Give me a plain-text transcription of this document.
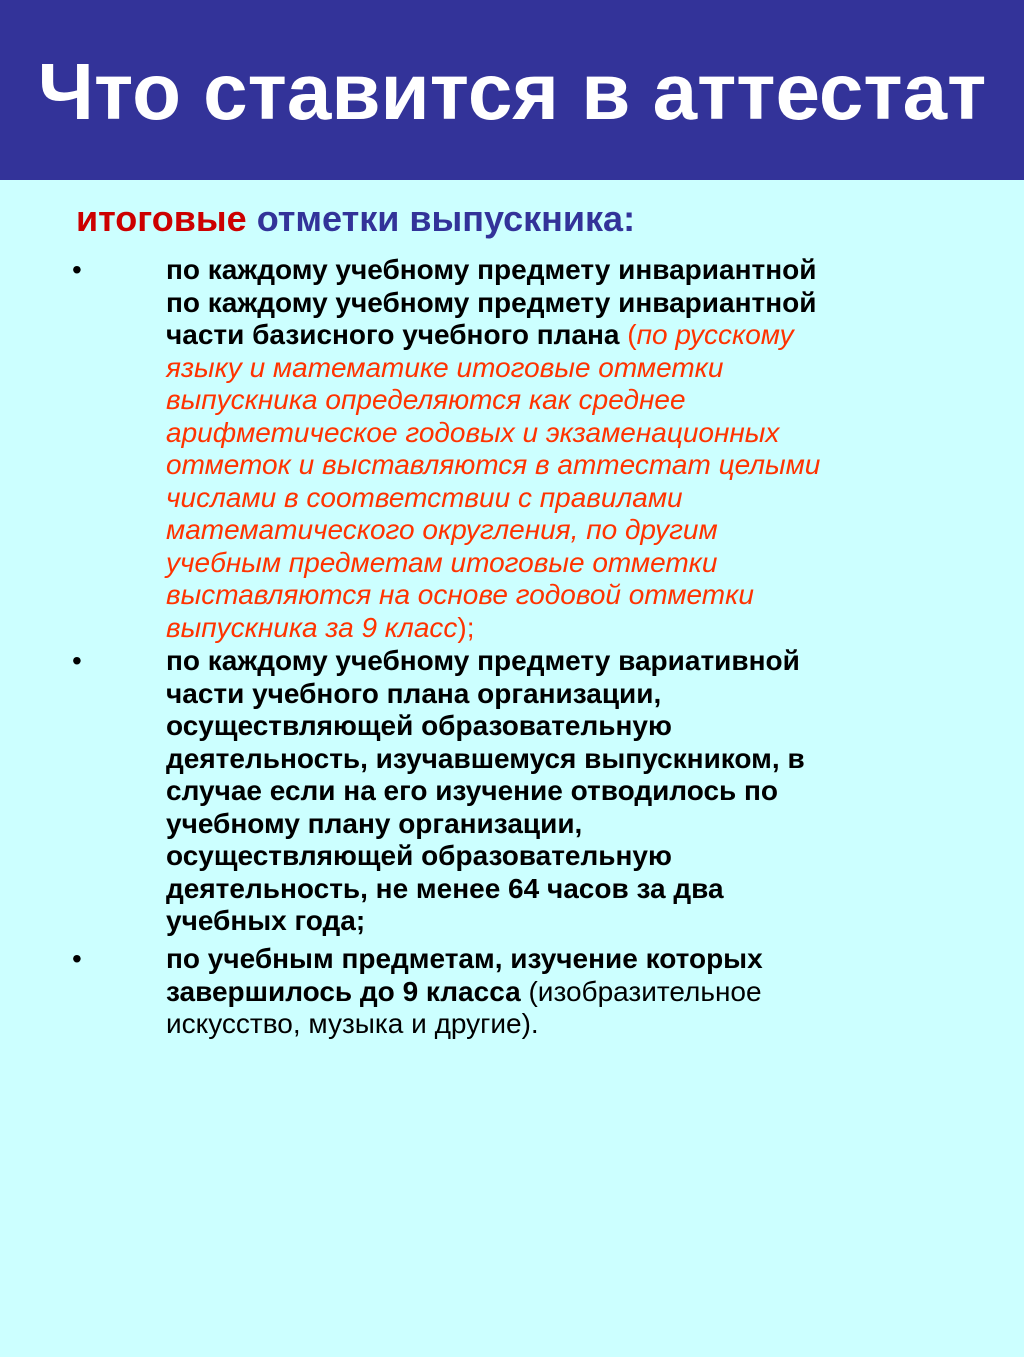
Что ставится в аттестат
итоговые отметки выпускника:
•	по каждому учебному предмету инвариантной
по каждому учебному предмету инвариантной
части базисного учебного плана (по русскому
языку и математике итоговые отметки
выпускника определяются как среднее
арифметическое годовых и экзаменационных
отметок и выставляются в аттестат целыми
числами в соответствии с правилами
математического округления, по другим
учебным предметам итоговые отметки
выставляются на основе годовой отметки
выпускника за 9 класс);
•	по каждому учебному предмету вариативной
части учебного плана организации,
осуществляющей образовательную
деятельность, изучавшемуся выпускником, в
случае если на его изучение отводилось по
учебному плану организации,
осуществляющей образовательную
деятельность, не менее 64 часов за два
учебных года;
•	по учебным предметам, изучение которых
завершилось до 9 класса (изобразительное
искусство, музыка и другие).
